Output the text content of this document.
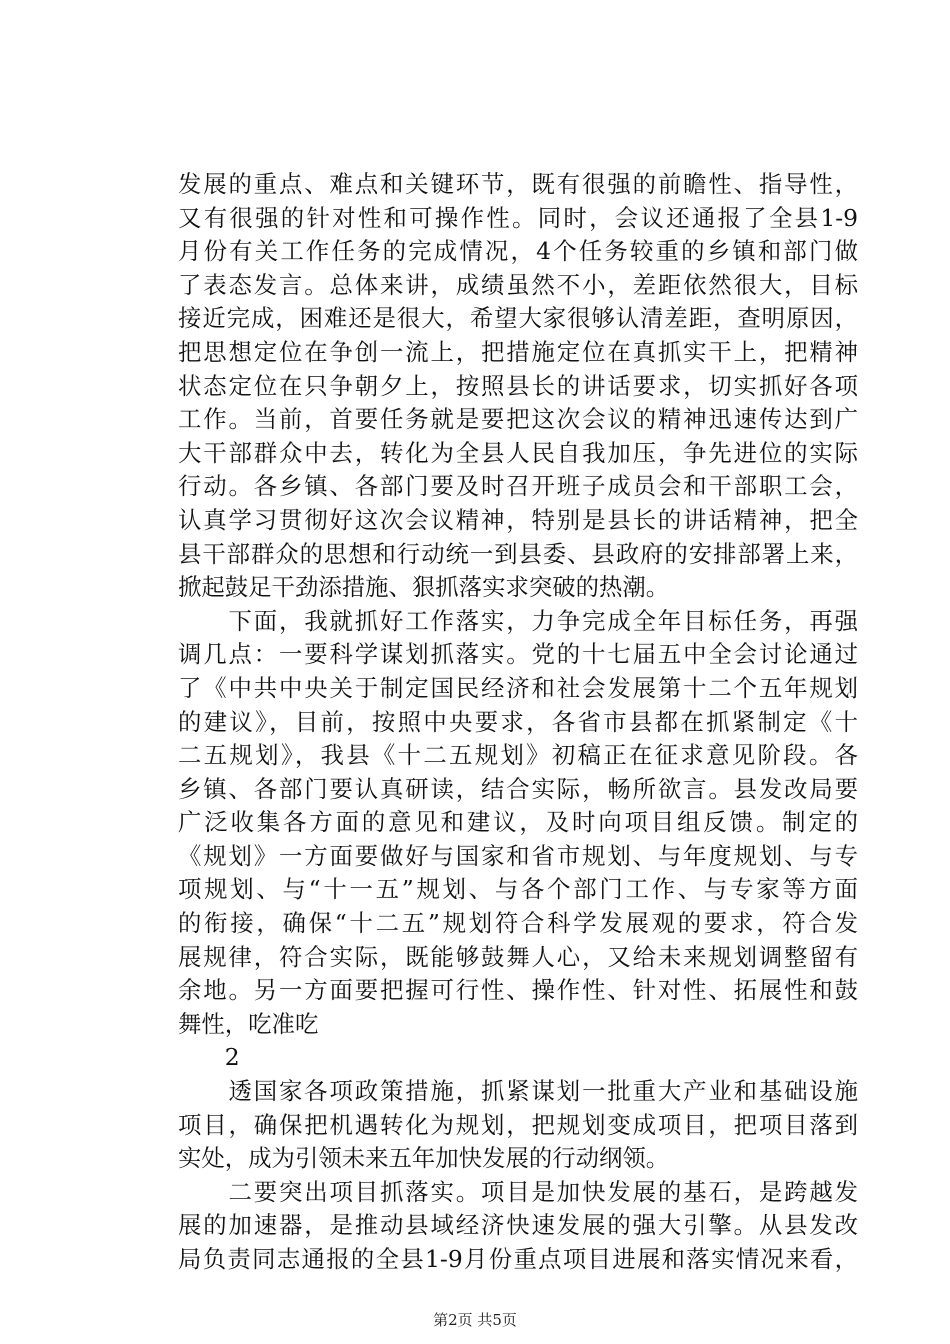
发展的重点、难点和关键环节，既有很强的前瞻性、指导性，
又有很强的针对性和可操作性。同时，会议还通报了全县1-9
月份有关工作任务的完成情况，4个任务较重的乡镇和部门做
了表态发言。总体来讲，成绩虽然不小，差距依然很大，目标
接近完成，困难还是很大，希望大家很够认清差距，查明原因，
把思想定位在争创一流上，把措施定位在真抓实干上，把精神
状态定位在只争朝夕上，按照县长的讲话要求，切实抓好各项
工作。当前，首要任务就是要把这次会议的精神迅速传达到广
大干部群众中去，转化为全县人民自我加压，争先进位的实际
行动。各乡镇、各部门要及时召开班子成员会和干部职工会，
认真学习贯彻好这次会议精神，特别是县长的讲话精神，把全
县干部群众的思想和行动统一到县委、县政府的安排部署上来，
掀起鼓足干劲添措施、狠抓落实求突破的热潮。
　　下面，我就抓好工作落实，力争完成全年目标任务，再强
调几点：一要科学谋划抓落实。党的十七届五中全会讨论通过
了《中共中央关于制定国民经济和社会发展第十二个五年规划
的建议》，目前，按照中央要求，各省市县都在抓紧制定《十
二五规划》，我县《十二五规划》初稿正在征求意见阶段。各
乡镇、各部门要认真研读，结合实际，畅所欲言。县发改局要
广泛收集各方面的意见和建议，及时向项目组反馈。制定的
《规划》一方面要做好与国家和省市规划、与年度规划、与专
项规划、与“十一五”规划、与各个部门工作、与专家等方面
的衔接，确保“十二五”规划符合科学发展观的要求，符合发
展规律，符合实际，既能够鼓舞人心，又给未来规划调整留有
余地。另一方面要把握可行性、操作性、针对性、拓展性和鼓
舞性，吃准吃
　　2
　　透国家各项政策措施，抓紧谋划一批重大产业和基础设施
项目，确保把机遇转化为规划，把规划变成项目，把项目落到
实处，成为引领未来五年加快发展的行动纲领。
　　二要突出项目抓落实。项目是加快发展的基石，是跨越发
展的加速器，是推动县域经济快速发展的强大引擎。从县发改
局负责同志通报的全县1-9月份重点项目进展和落实情况来看，
第2页 共5页
